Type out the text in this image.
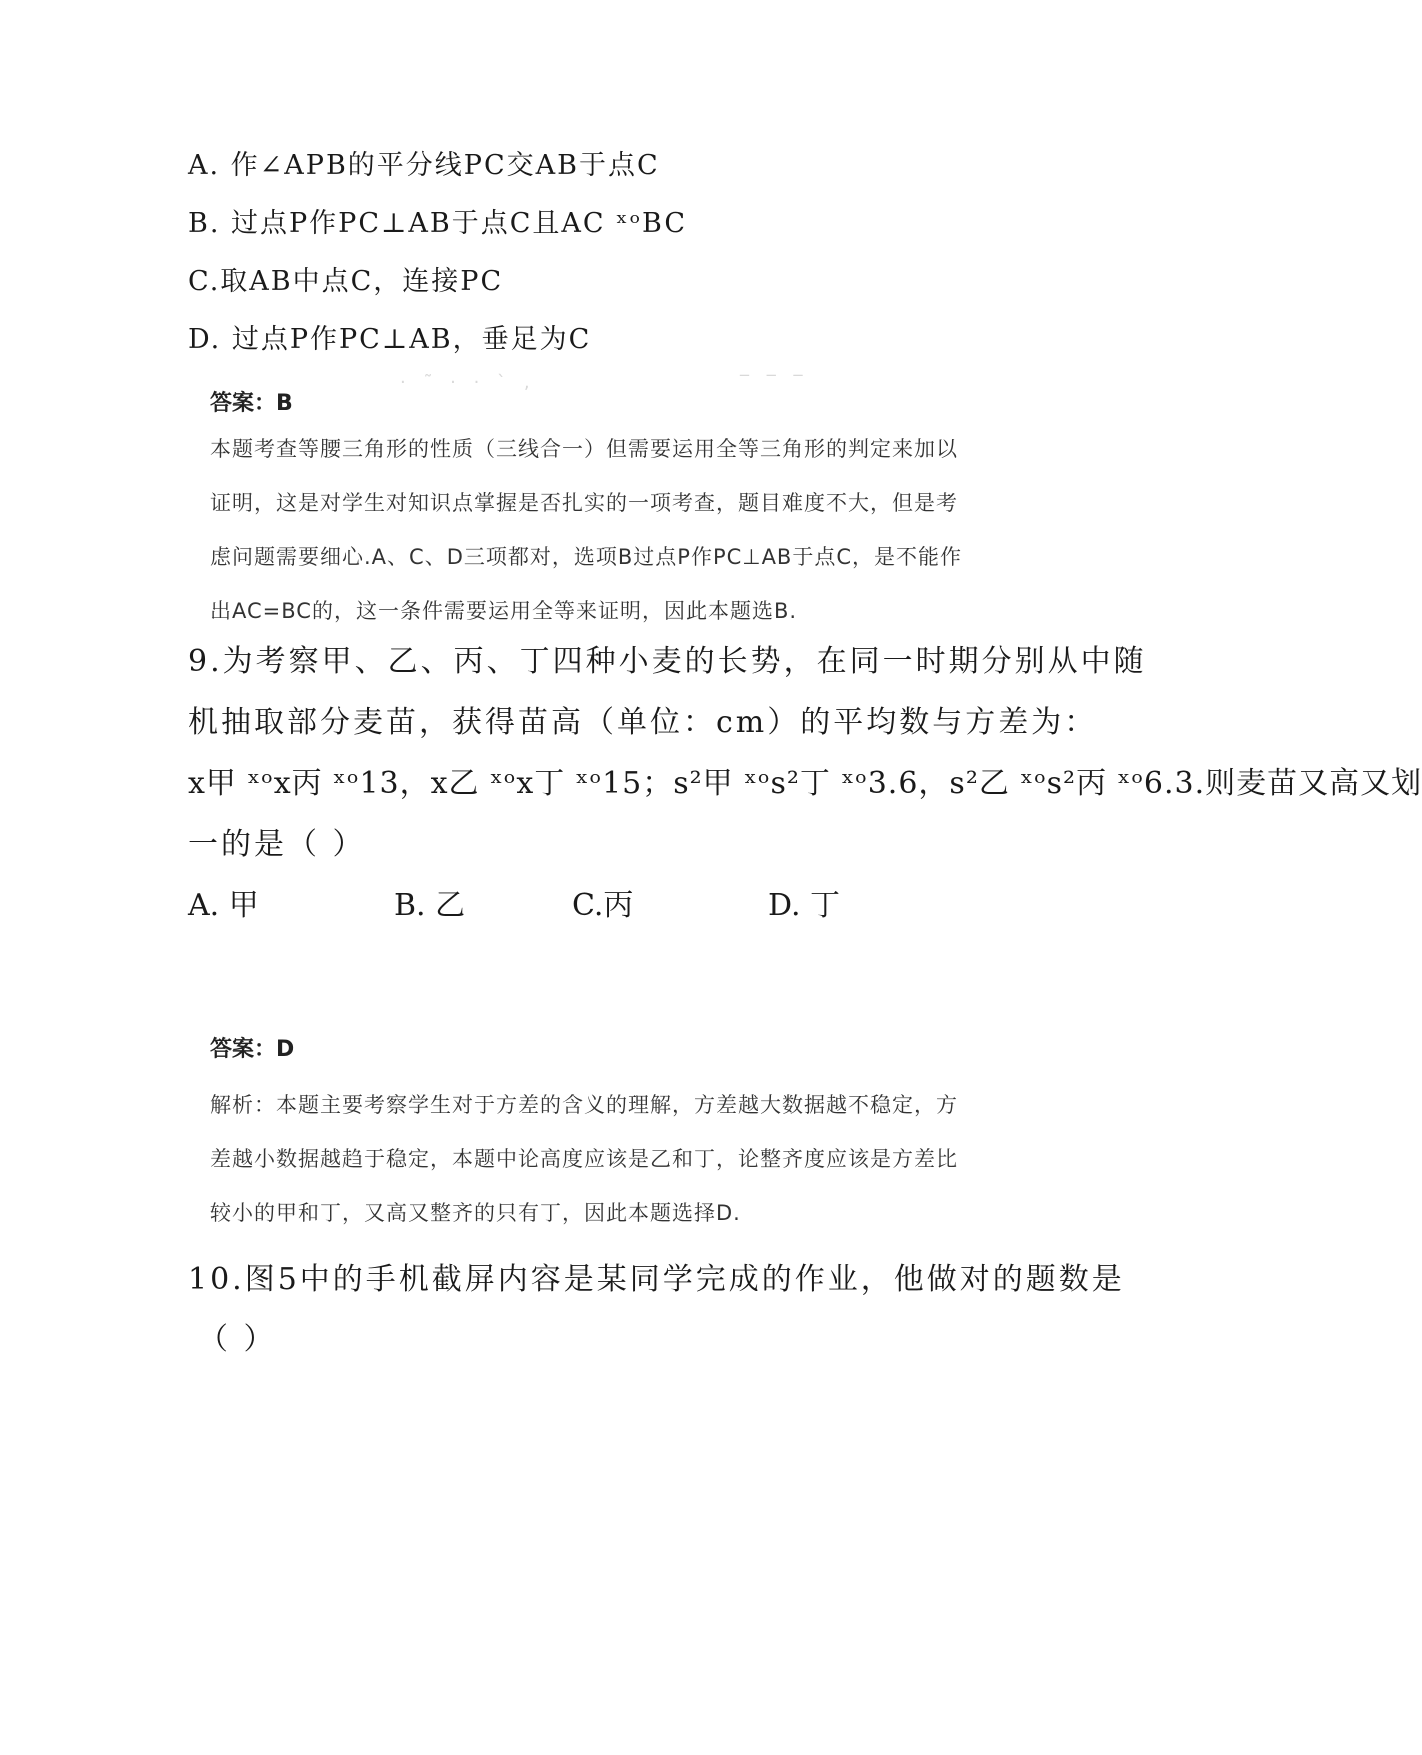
A. 作∠APB的平分线PC交AB于点C
B. 过点P作PC⊥AB于点C且AC ˣᵒBC
C.取AB中点C，连接PC
D. 过点P作PC⊥AB，垂足为C
· ˜ · · ` ‚	‾ ‾ ‾
答案：B
本题考查等腰三角形的性质（三线合一）但需要运用全等三角形的判定来加以
证明，这是对学生对知识点掌握是否扎实的一项考查，题目难度不大，但是考
虑问题需要细心.A、C、D三项都对，选项B过点P作PC⊥AB于点C，是不能作
出AC=BC的，这一条件需要运用全等来证明，因此本题选B.
9.为考察甲、乙、丙、丁四种小麦的长势，在同一时期分别从中随
机抽取部分麦苗，获得苗高（单位：cm）的平均数与方差为：
x甲 ˣᵒx丙 ˣᵒ13，x乙 ˣᵒx丁 ˣᵒ15；s²甲 ˣᵒs²丁 ˣᵒ3.6，s²乙 ˣᵒs²丙 ˣᵒ6.3.则麦苗又高又划
一的是（ ）
A. 甲	B. 乙	C.丙	D. 丁
答案：D
解析：本题主要考察学生对于方差的含义的理解，方差越大数据越不稳定，方
差越小数据越趋于稳定，本题中论高度应该是乙和丁，论整齐度应该是方差比
较小的甲和丁，又高又整齐的只有丁，因此本题选择D.
10.图5中的手机截屏内容是某同学完成的作业，他做对的题数是
（ ）
